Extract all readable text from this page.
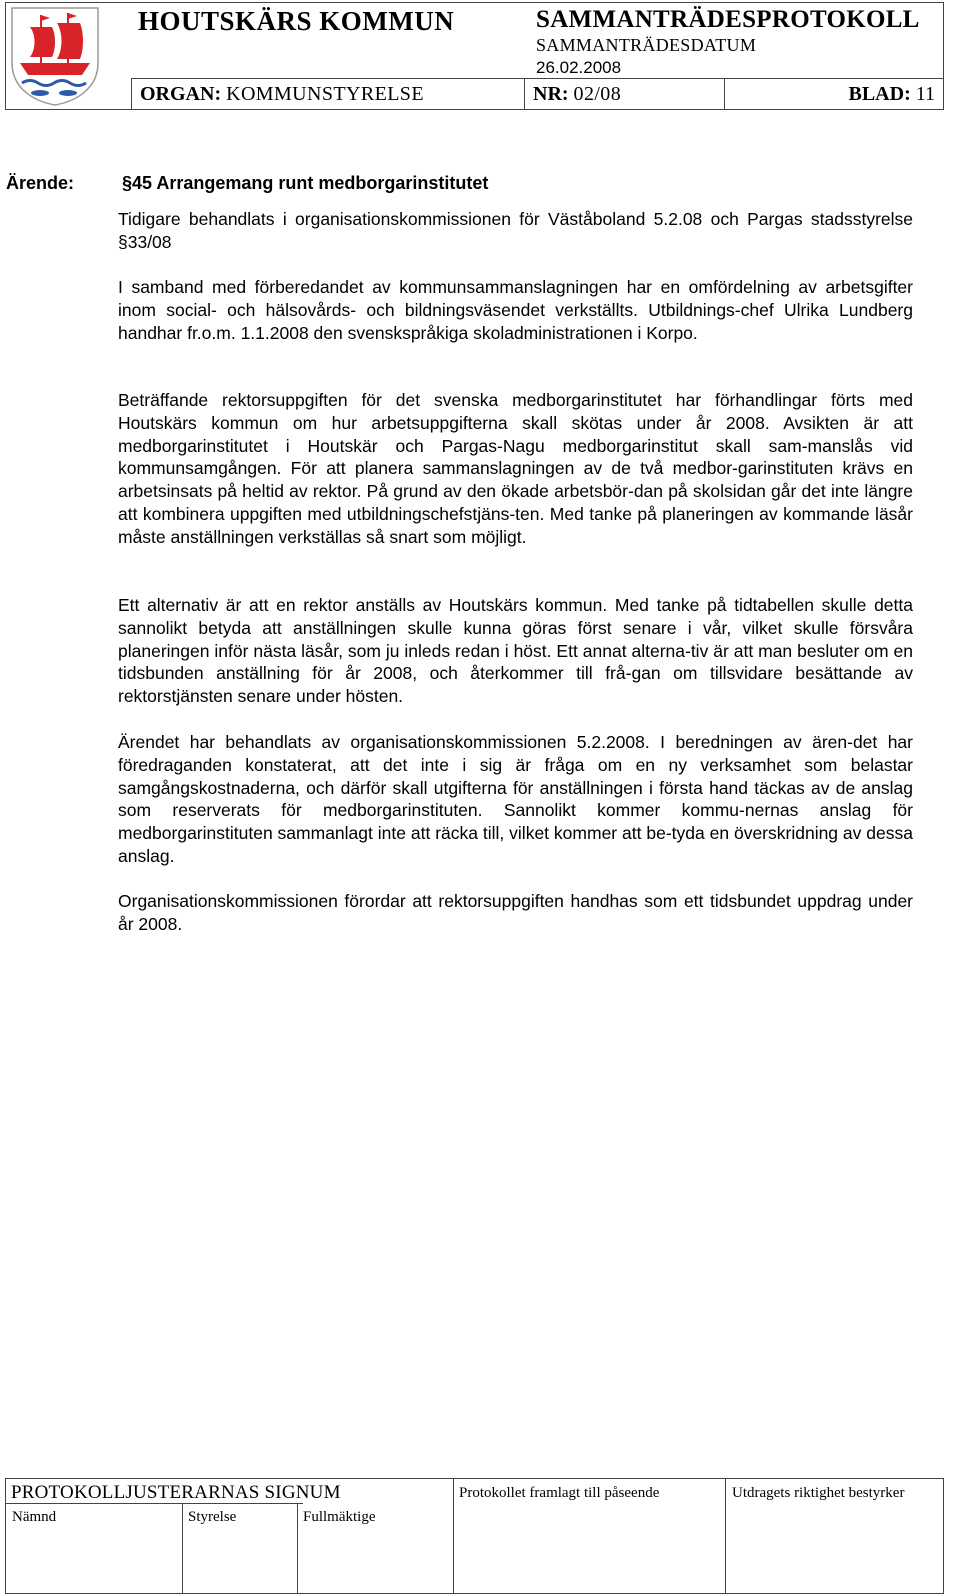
HOUTSKÄRS KOMMUN	SAMMANTRÄDESPROTOKOLL
SAMMANTRÄDESDATUM
26.02.2008
ORGAN: KOMMUNSTYRELSE	NR: 02/08	BLAD: 11
Ärende:	§45 Arrangemang runt medborgarinstitutet

Tidigare behandlats i organisationskommissionen för Väståboland 5.2.08 och Pargas stadsstyrelse §33/08

I samband med förberedandet av kommunsammanslagningen har en omfördelning av arbetsgifter inom social- och hälsovårds- och bildningsväsendet verkställts. Utbildnings-chef Ulrika Lundberg handhar fr.o.m. 1.1.2008 den svenskspråkiga skoladministrationen i Korpo.

Beträffande rektorsuppgiften för det svenska medborgarinstitutet har förhandlingar förts med Houtskärs kommun om hur arbetsuppgifterna skall skötas under år 2008. Avsikten är att medborgarinstitutet i Houtskär och Pargas-Nagu medborgarinstitut skall sam-manslås vid kommunsamgången. För att planera sammanslagningen av de två medbor-garinstituten krävs en arbetsinsats på heltid av rektor. På grund av den ökade arbetsbör-dan på skolsidan går det inte längre att kombinera uppgiften med utbildningschefstjäns-ten. Med tanke på planeringen av kommande läsår måste anställningen verkställas så snart som möjligt.

Ett alternativ är att en rektor anställs av Houtskärs kommun. Med tanke på tidtabellen skulle detta sannolikt betyda att anställningen skulle kunna göras först senare i vår, vilket skulle försvåra planeringen inför nästa läsår, som ju inleds redan i höst. Ett annat alterna-tiv är att man besluter om en tidsbunden anställning för år 2008, och återkommer till frå-gan om tillsvidare besättande av rektorstjänsten senare under hösten.

Ärendet har behandlats av organisationskommissionen 5.2.2008. I beredningen av ären-det har föredraganden konstaterat, att det inte i sig är fråga om en ny verksamhet som belastar samgångskostnaderna, och därför skall utgifterna för anställningen i första hand täckas av de anslag som reserverats för medborgarinstituten. Sannolikt kommer kommu-nernas anslag för medborgarinstituten sammanlagt inte att räcka till, vilket kommer att be-tyda en överskridning av dessa anslag.

Organisationskommissionen förordar att rektorsuppgiften handhas som ett tidsbundet uppdrag under år 2008.

PROTOKOLLJUSTERARNAS SIGNUM
Nämnd	Styrelse	Fullmäktige
Protokollet framlagt till påseende	Utdragets riktighet bestyrker
